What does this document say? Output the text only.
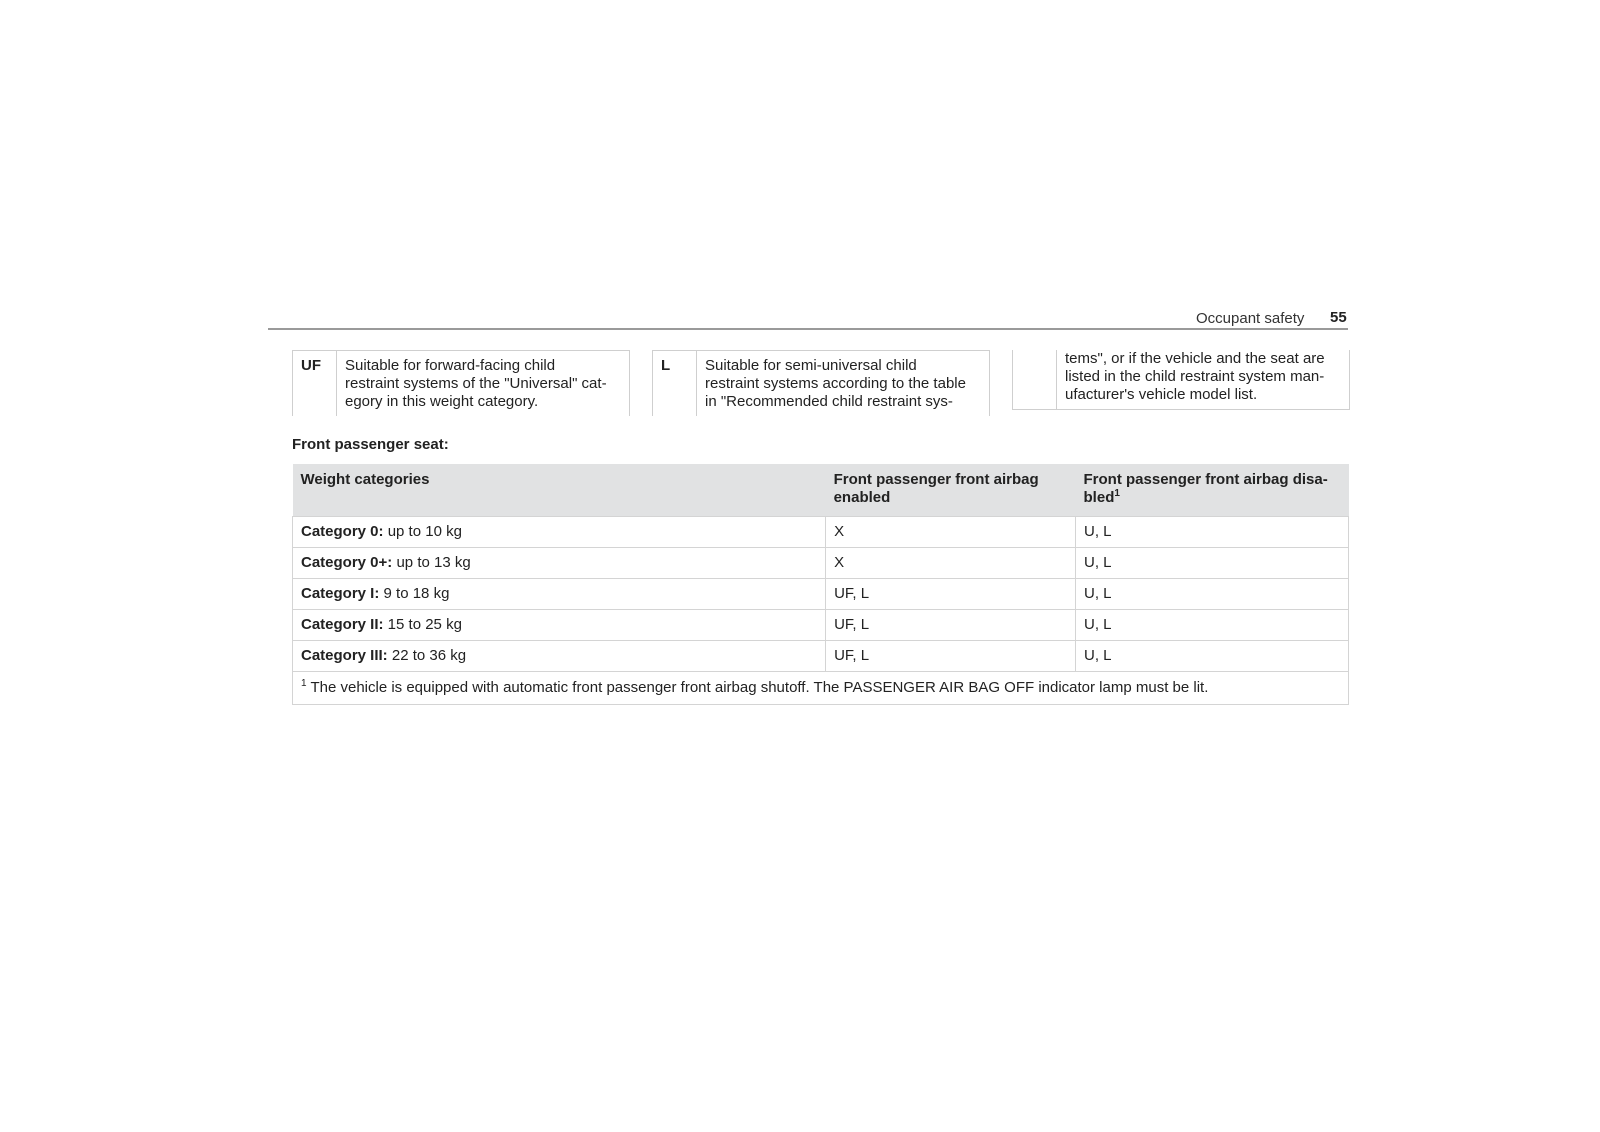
Occupant safety 55
UF	Suitable for forward-facing child
restraint systems of the "Universal" cat-
egory in this weight category.
L	Suitable for semi-universal child
restraint systems according to the table
in "Recommended child restraint sys-
tems", or if the vehicle and the seat are
listed in the child restraint system man-
ufacturer's vehicle model list.
Front passenger seat:
Weight categories	Front passenger front airbag
enabled	Front passenger front airbag disa-
bled$^1$

Category 0: up to 10 kg	X	U, L
Category 0+: up to 13 kg	X	U, L
Category I: 9 to 18 kg	UF, L	U, L
Category II: 15 to 25 kg	UF, L	U, L
Category III: 22 to 36 kg	UF, L	U, L
$^1$ The vehicle is equipped with automatic front passenger front airbag shutoff. The PASSENGER AIR BAG OFF indicator lamp must be lit.		
